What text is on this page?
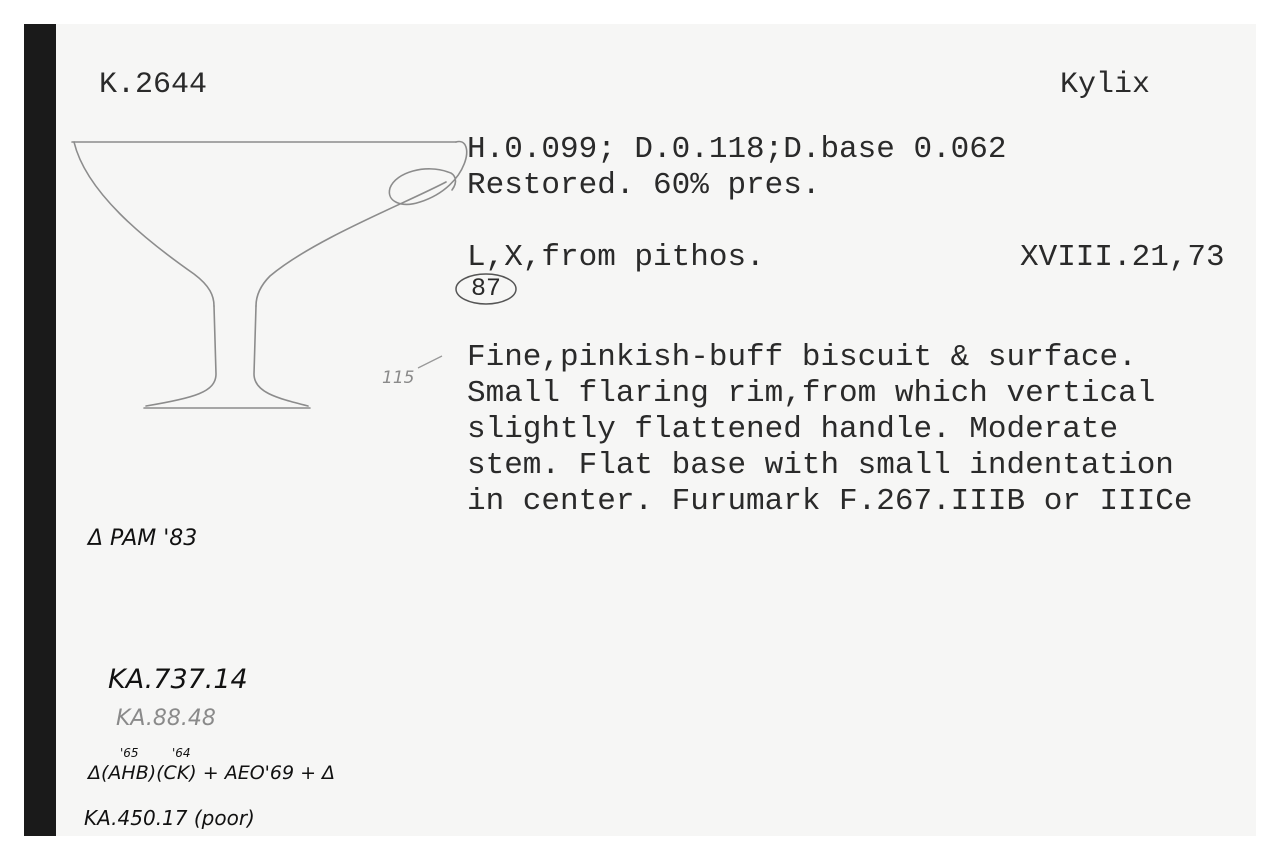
K.2644	Kylix
H.0.099; D.0.118;D.base 0.062
Restored. 60% pres.
L,X,from pithos.	XVIII.21,73
87
115
Fine,pinkish-buff biscuit & surface.
Small flaring rim,from which vertical
slightly flattened handle. Moderate
stem. Flat base with small indentation
in center. Furumark F.267.IIIB or IIICe
Δ PAM '83
KA.737.14
KA.88.48
'65	'64
Δ(AHB)(CK) + AEO'69 + Δ
KA.450.17 (poor)
